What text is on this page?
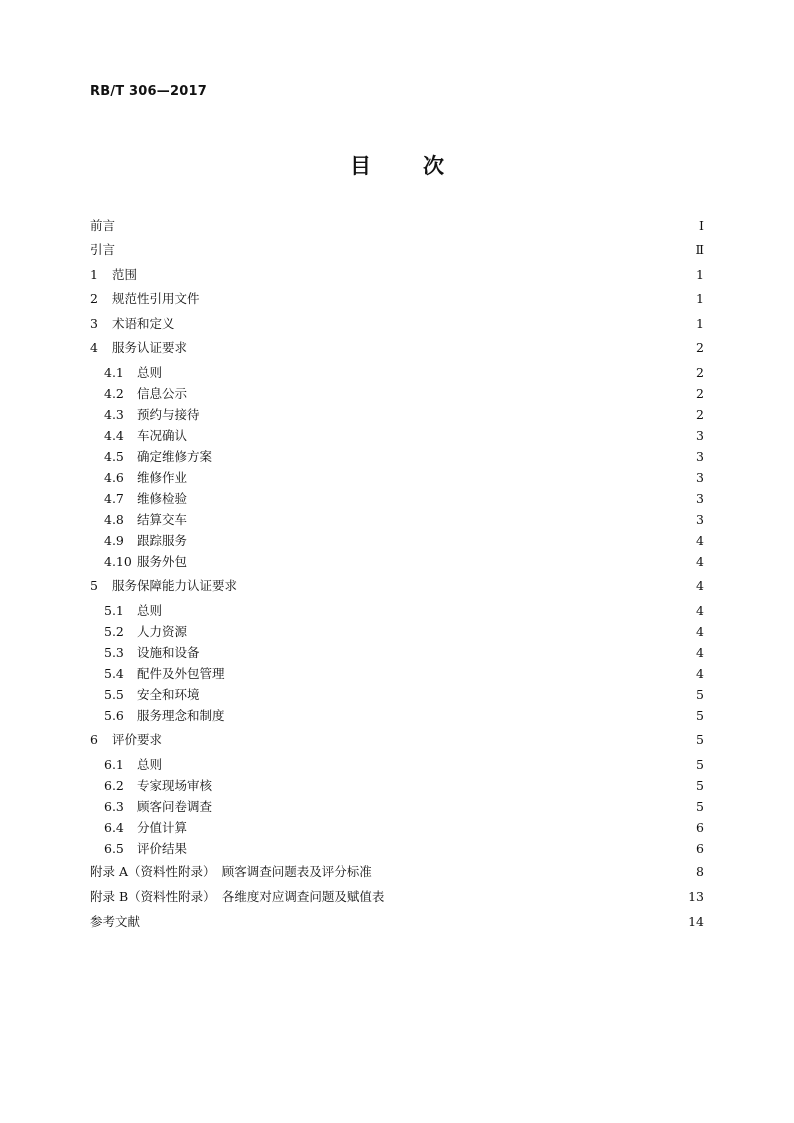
RB/T 306—2017
目 次
前言	Ⅰ
引言	Ⅱ
1	范围	1
2	规范性引用文件	1
3	术语和定义	1
4	服务认证要求	2
4.1	总则	2
4.2	信息公示	2
4.3	预约与接待	2
4.4	车况确认	3
4.5	确定维修方案	3
4.6	维修作业	3
4.7	维修检验	3
4.8	结算交车	3
4.9	跟踪服务	4
4.10 服务外包	4
5	服务保障能力认证要求	4
5.1	总则	4
5.2	人力资源	4
5.3	设施和设备	4
5.4	配件及外包管理	4
5.5	安全和环境	5
5.6	服务理念和制度	5
6	评价要求	5
6.1	总则	5
6.2	专家现场审核	5
6.3	顾客问卷调查	5
6.4	分值计算	6
6.5	评价结果	6
附录 A（资料性附录）　顾客调查问题表及评分标准	8
附录 B（资料性附录）　各维度对应调查问题及赋值表	13
参考文献	14
